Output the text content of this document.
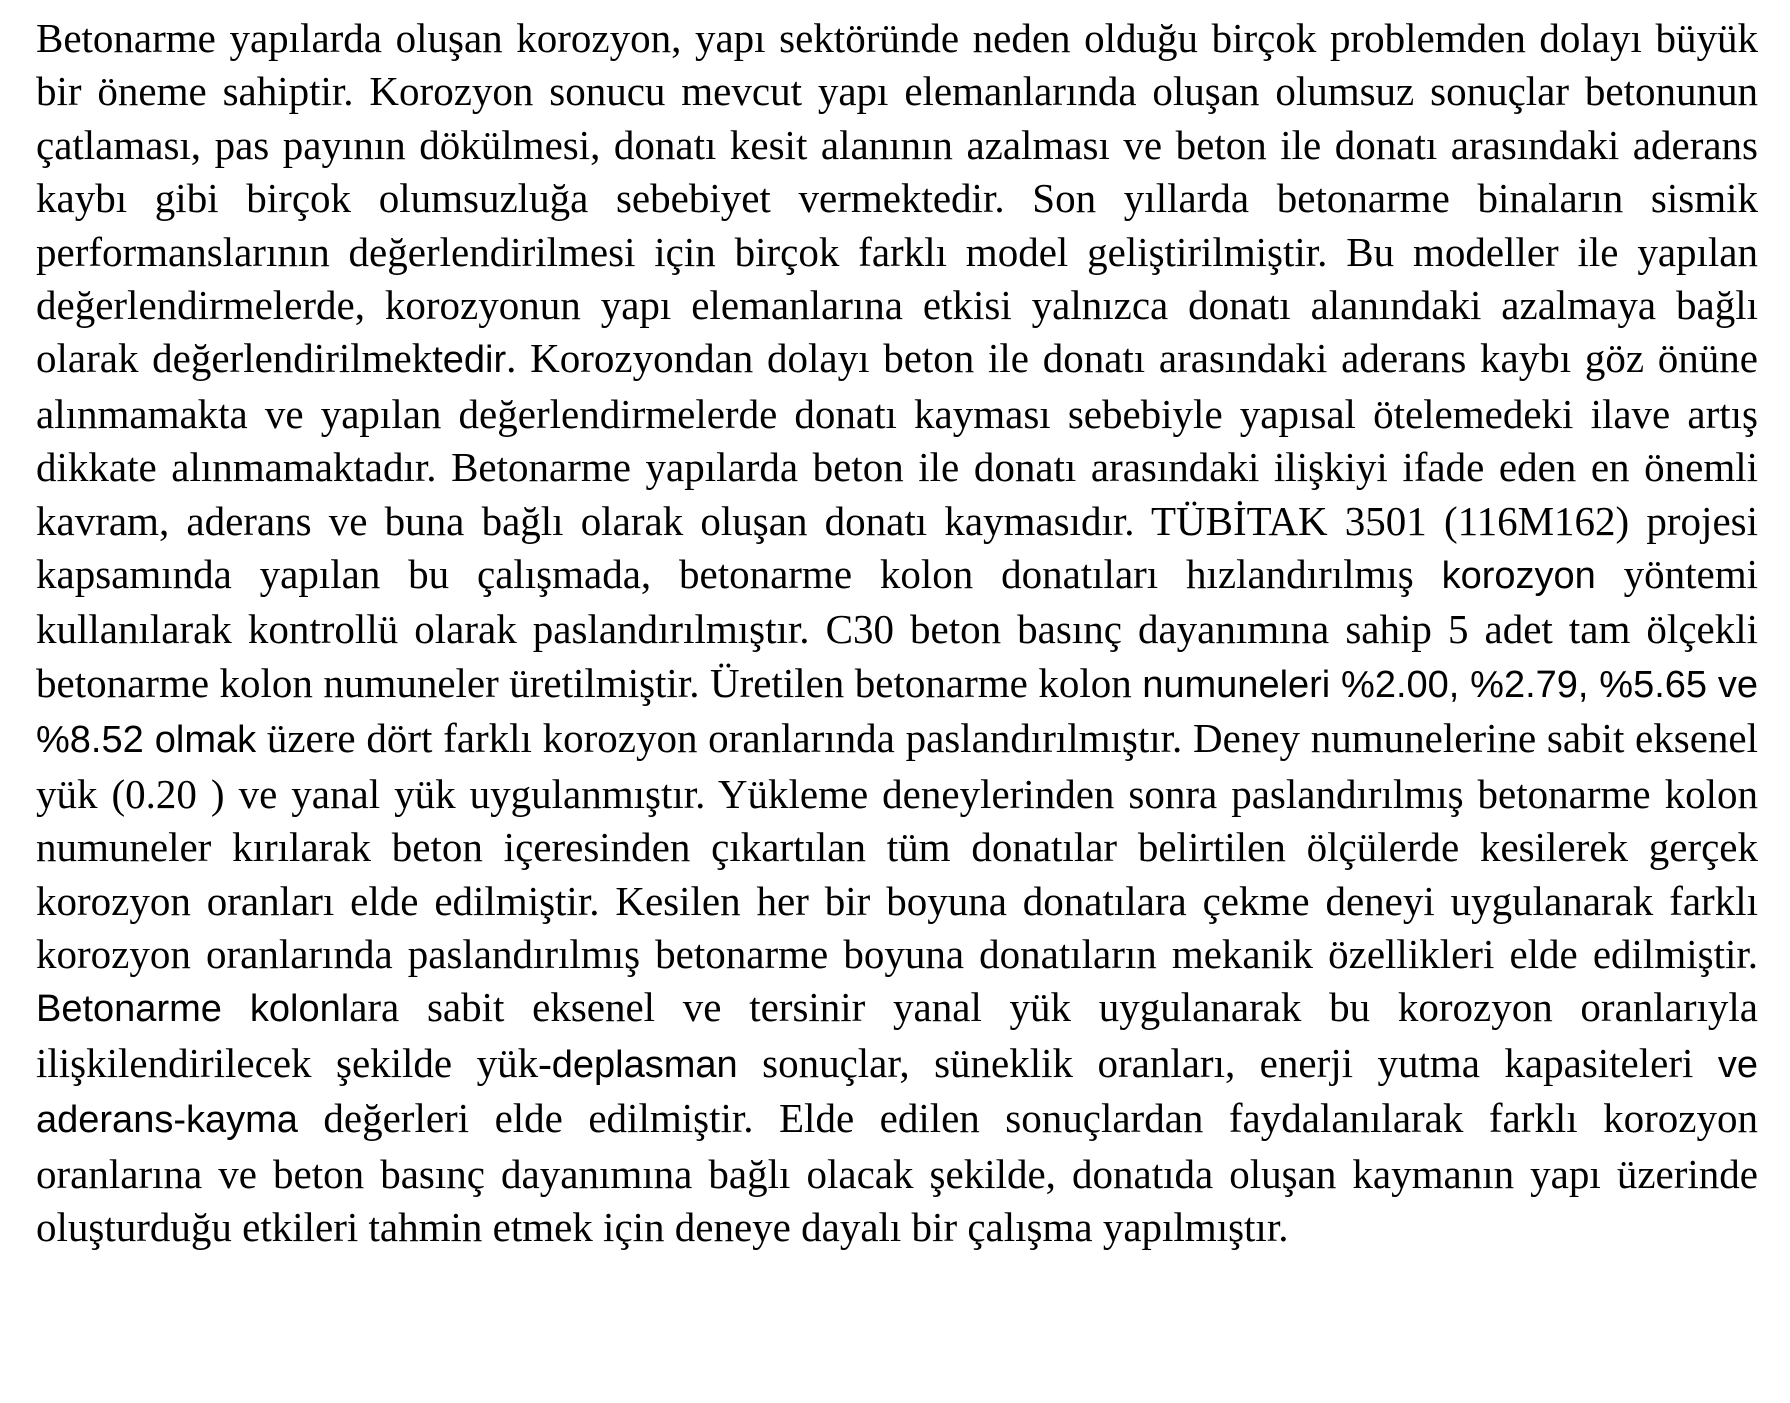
Betonarme yapılarda oluşan korozyon, yapı sektöründe neden olduğu birçok problemden dolayı büyük bir öneme sahiptir. Korozyon sonucu mevcut yapı elemanlarında oluşan olumsuz sonuçlar betonunun çatlaması, pas payının dökülmesi, donatı kesit alanının azalması ve beton ile donatı arasındaki aderans kaybı gibi birçok olumsuzluğa sebebiyet vermektedir. Son yıllarda betonarme binaların sismik performanslarının değerlendirilmesi için birçok farklı model geliştirilmiştir. Bu modeller ile yapılan değerlendirmelerde, korozyonun yapı elemanlarına etkisi yalnızca donatı alanındaki azalmaya bağlı olarak değerlendirilmektedir. Korozyondan dolayı beton ile donatı arasındaki aderans kaybı göz önüne alınmamakta ve yapılan değerlendirmelerde donatı kayması sebebiyle yapısal ötelemedeki ilave artış dikkate alınmamaktadır. Betonarme yapılarda beton ile donatı arasındaki ilişkiyi ifade eden en önemli kavram, aderans ve buna bağlı olarak oluşan donatı kaymasıdır. TÜBİTAK 3501 (116M162) projesi kapsamında yapılan bu çalışmada, betonarme kolon donatıları hızlandırılmış korozyon yöntemi kullanılarak kontrollü olarak paslandırılmıştır. C30 beton basınç dayanımına sahip 5 adet tam ölçekli betonarme kolon numuneler üretilmiştir. Üretilen betonarme kolon numuneleri %2.00, %2.79, %5.65 ve %8.52 olmak üzere dört farklı korozyon oranlarında paslandırılmıştır. Deney numunelerine sabit eksenel yük (0.20 ) ve yanal yük uygulanmıştır. Yükleme deneylerinden sonra paslandırılmış betonarme kolon numuneler kırılarak beton içeresinden çıkartılan tüm donatılar belirtilen ölçülerde kesilerek gerçek korozyon oranları elde edilmiştir. Kesilen her bir boyuna donatılara çekme deneyi uygulanarak farklı korozyon oranlarında paslandırılmış betonarme boyuna donatıların mekanik özellikleri elde edilmiştir. Betonarme kolonlara sabit eksenel ve tersinir yanal yük uygulanarak bu korozyon oranlarıyla ilişkilendirilecek şekilde yük-deplasman sonuçlar, süneklik oranları, enerji yutma kapasiteleri ve aderans-kayma değerleri elde edilmiştir. Elde edilen sonuçlardan faydalanılarak farklı korozyon oranlarına ve beton basınç dayanımına bağlı olacak şekilde, donatıda oluşan kaymanın yapı üzerinde oluşturduğu etkileri tahmin etmek için deneye dayalı bir çalışma yapılmıştır.
